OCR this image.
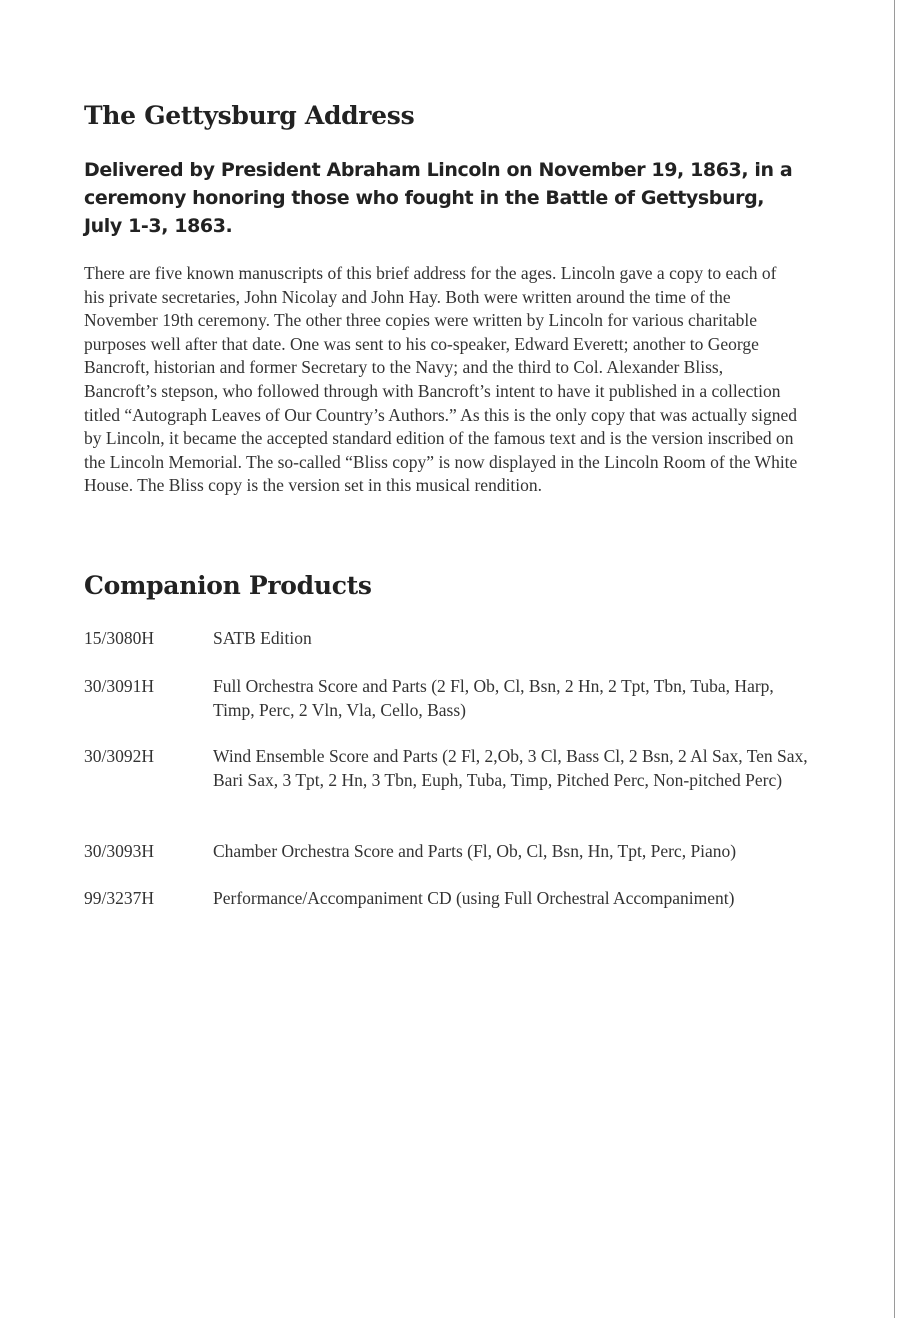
The Gettysburg Address
Delivered by President Abraham Lincoln on November 19, 1863, in a ceremony honoring those who fought in the Battle of Gettysburg, July 1-3, 1863.

There are five known manuscripts of this brief address for the ages. Lincoln gave a copy to each of his private secretaries, John Nicolay and John Hay. Both were written around the time of the November 19th ceremony. The other three copies were written by Lincoln for various charitable purposes well after that date. One was sent to his co-speaker, Edward Everett; another to George Bancroft, historian and former Secretary to the Navy; and the third to Col. Alexander Bliss, Bancroft’s stepson, who followed through with Bancroft’s intent to have it published in a collection titled “Autograph Leaves of Our Country’s Authors.” As this is the only copy that was actually signed by Lincoln, it became the accepted standard edition of the famous text and is the version inscribed on the Lincoln Memorial. The so-called “Bliss copy” is now displayed in the Lincoln Room of the White House. The Bliss copy is the version set in this musical rendition.

Companion Products
15/3080H	SATB Edition
30/3091H	Full Orchestra Score and Parts (2 Fl, Ob, Cl, Bsn, 2 Hn, 2 Tpt, Tbn, Tuba, Harp, Timp, Perc, 2 Vln, Vla, Cello, Bass)
30/3092H	Wind Ensemble Score and Parts (2 Fl, 2,Ob, 3 Cl, Bass Cl, 2 Bsn, 2 Al Sax, Ten Sax, Bari Sax, 3 Tpt, 2 Hn, 3 Tbn, Euph, Tuba, Timp, Pitched Perc, Non-pitched Perc)
30/3093H	Chamber Orchestra Score and Parts (Fl, Ob, Cl, Bsn, Hn, Tpt, Perc, Piano)
99/3237H	Performance/Accompaniment CD (using Full Orchestral Accompaniment)
